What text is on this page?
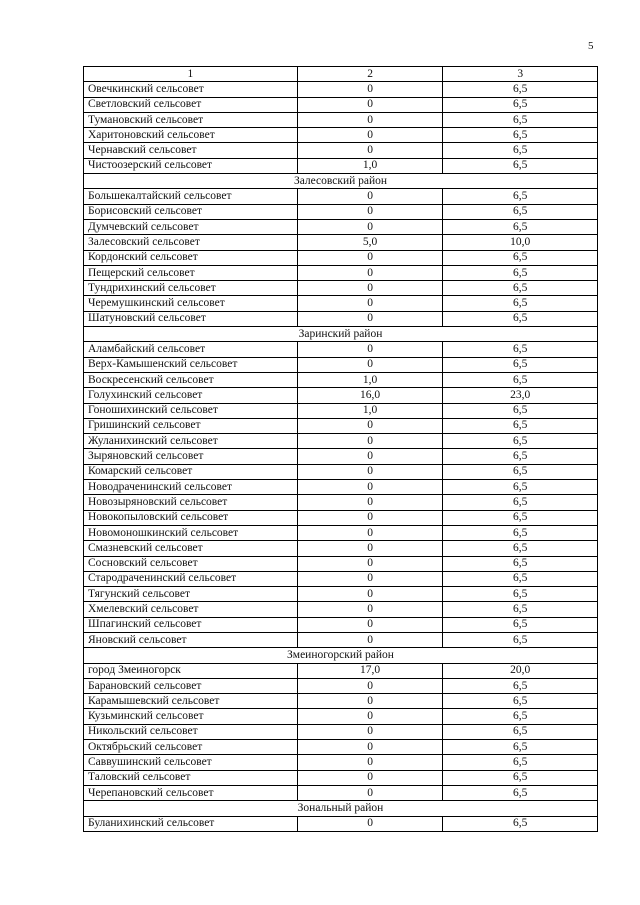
5
1	2	3
Овечкинский сельсовет	0	6,5
Светловский сельсовет	0	6,5
Тумановский сельсовет	0	6,5
Харитоновский сельсовет	0	6,5
Чернавский сельсовет	0	6,5
Чистоозерский сельсовет	1,0	6,5
Залесовский район		
Большекалтайский сельсовет	0	6,5
Борисовский сельсовет	0	6,5
Думчевский сельсовет	0	6,5
Залесовский сельсовет	5,0	10,0
Кордонский сельсовет	0	6,5
Пещерский сельсовет	0	6,5
Тундрихинский сельсовет	0	6,5
Черемушкинский сельсовет	0	6,5
Шатуновский сельсовет	0	6,5
Заринский район		
Аламбайский сельсовет	0	6,5
Верх-Камышенский сельсовет	0	6,5
Воскресенский сельсовет	1,0	6,5
Голухинский сельсовет	16,0	23,0
Гоношихинский сельсовет	1,0	6,5
Гришинский сельсовет	0	6,5
Жуланихинский сельсовет	0	6,5
Зыряновский сельсовет	0	6,5
Комарский сельсовет	0	6,5
Новодраченинский сельсовет	0	6,5
Новозыряновский сельсовет	0	6,5
Новокопыловский сельсовет	0	6,5
Новомоношкинский сельсовет	0	6,5
Смазневский сельсовет	0	6,5
Сосновский сельсовет	0	6,5
Стародраченинский сельсовет	0	6,5
Тягунский сельсовет	0	6,5
Хмелевский сельсовет	0	6,5
Шпагинский сельсовет	0	6,5
Яновский сельсовет	0	6,5
Змеиногорский район		
город Змеиногорск	17,0	20,0
Барановский сельсовет	0	6,5
Карамышевский сельсовет	0	6,5
Кузьминский сельсовет	0	6,5
Никольский сельсовет	0	6,5
Октябрьский сельсовет	0	6,5
Саввушинский сельсовет	0	6,5
Таловский сельсовет	0	6,5
Черепановский сельсовет	0	6,5
Зональный район		
Буланихинский сельсовет	0	6,5
